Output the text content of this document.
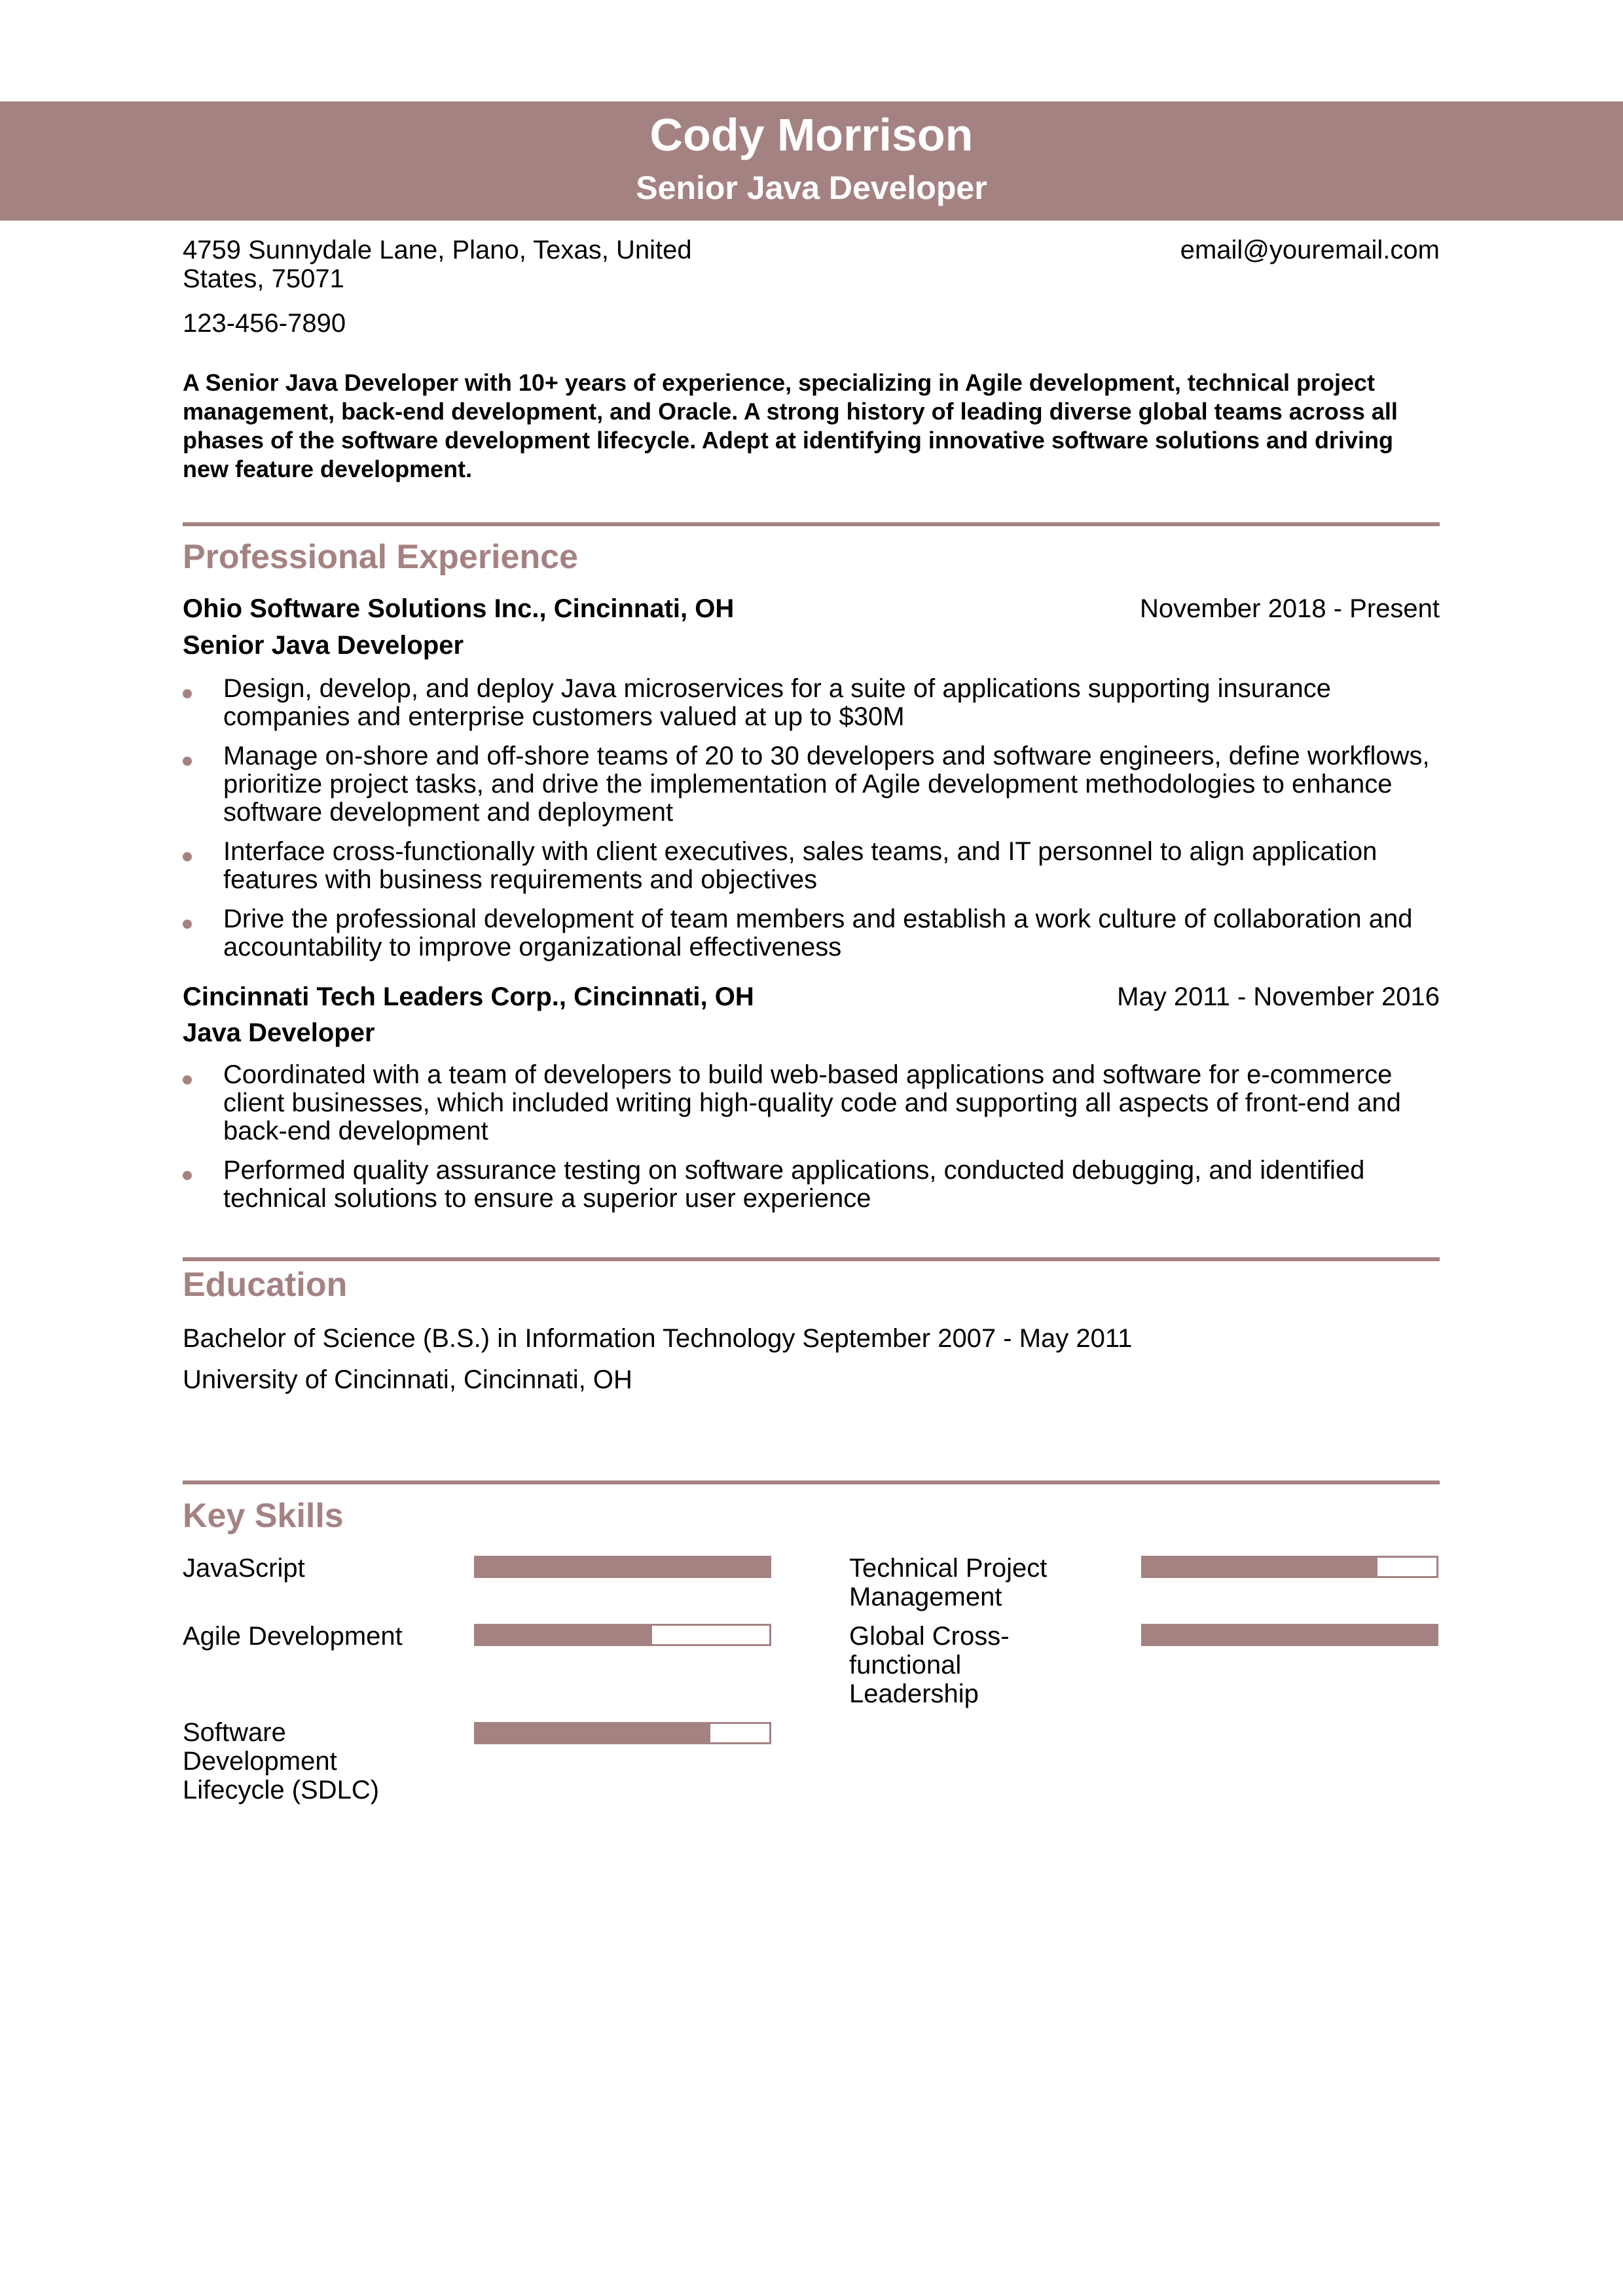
Cody Morrison
Senior Java Developer
4759 Sunnydale Lane, Plano, Texas, United States, 75071
123-456-7890
email@youremail.com
A Senior Java Developer with 10+ years of experience, specializing in Agile development, technical project management, back-end development, and Oracle. A strong history of leading diverse global teams across all phases of the software development lifecycle. Adept at identifying innovative software solutions and driving new feature development.
Professional Experience
Ohio Software Solutions Inc., Cincinnati, OH	November 2018 - Present
Senior Java Developer
Design, develop, and deploy Java microservices for a suite of applications supporting insurance companies and enterprise customers valued at up to $30M
Manage on-shore and off-shore teams of 20 to 30 developers and software engineers, define workflows, prioritize project tasks, and drive the implementation of Agile development methodologies to enhance software development and deployment
Interface cross-functionally with client executives, sales teams, and IT personnel to align application features with business requirements and objectives
Drive the professional development of team members and establish a work culture of collaboration and accountability to improve organizational effectiveness
Cincinnati Tech Leaders Corp., Cincinnati, OH	May 2011 - November 2016
Java Developer
Coordinated with a team of developers to build web-based applications and software for e-commerce client businesses, which included writing high-quality code and supporting all aspects of front-end and back-end development
Performed quality assurance testing on software applications, conducted debugging, and identified technical solutions to ensure a superior user experience
Education
Bachelor of Science (B.S.) in Information Technology September 2007 - May 2011
University of Cincinnati, Cincinnati, OH
Key Skills
JavaScript	Technical Project Management
Agile Development	Global Cross-functional Leadership
Software Development Lifecycle (SDLC)
